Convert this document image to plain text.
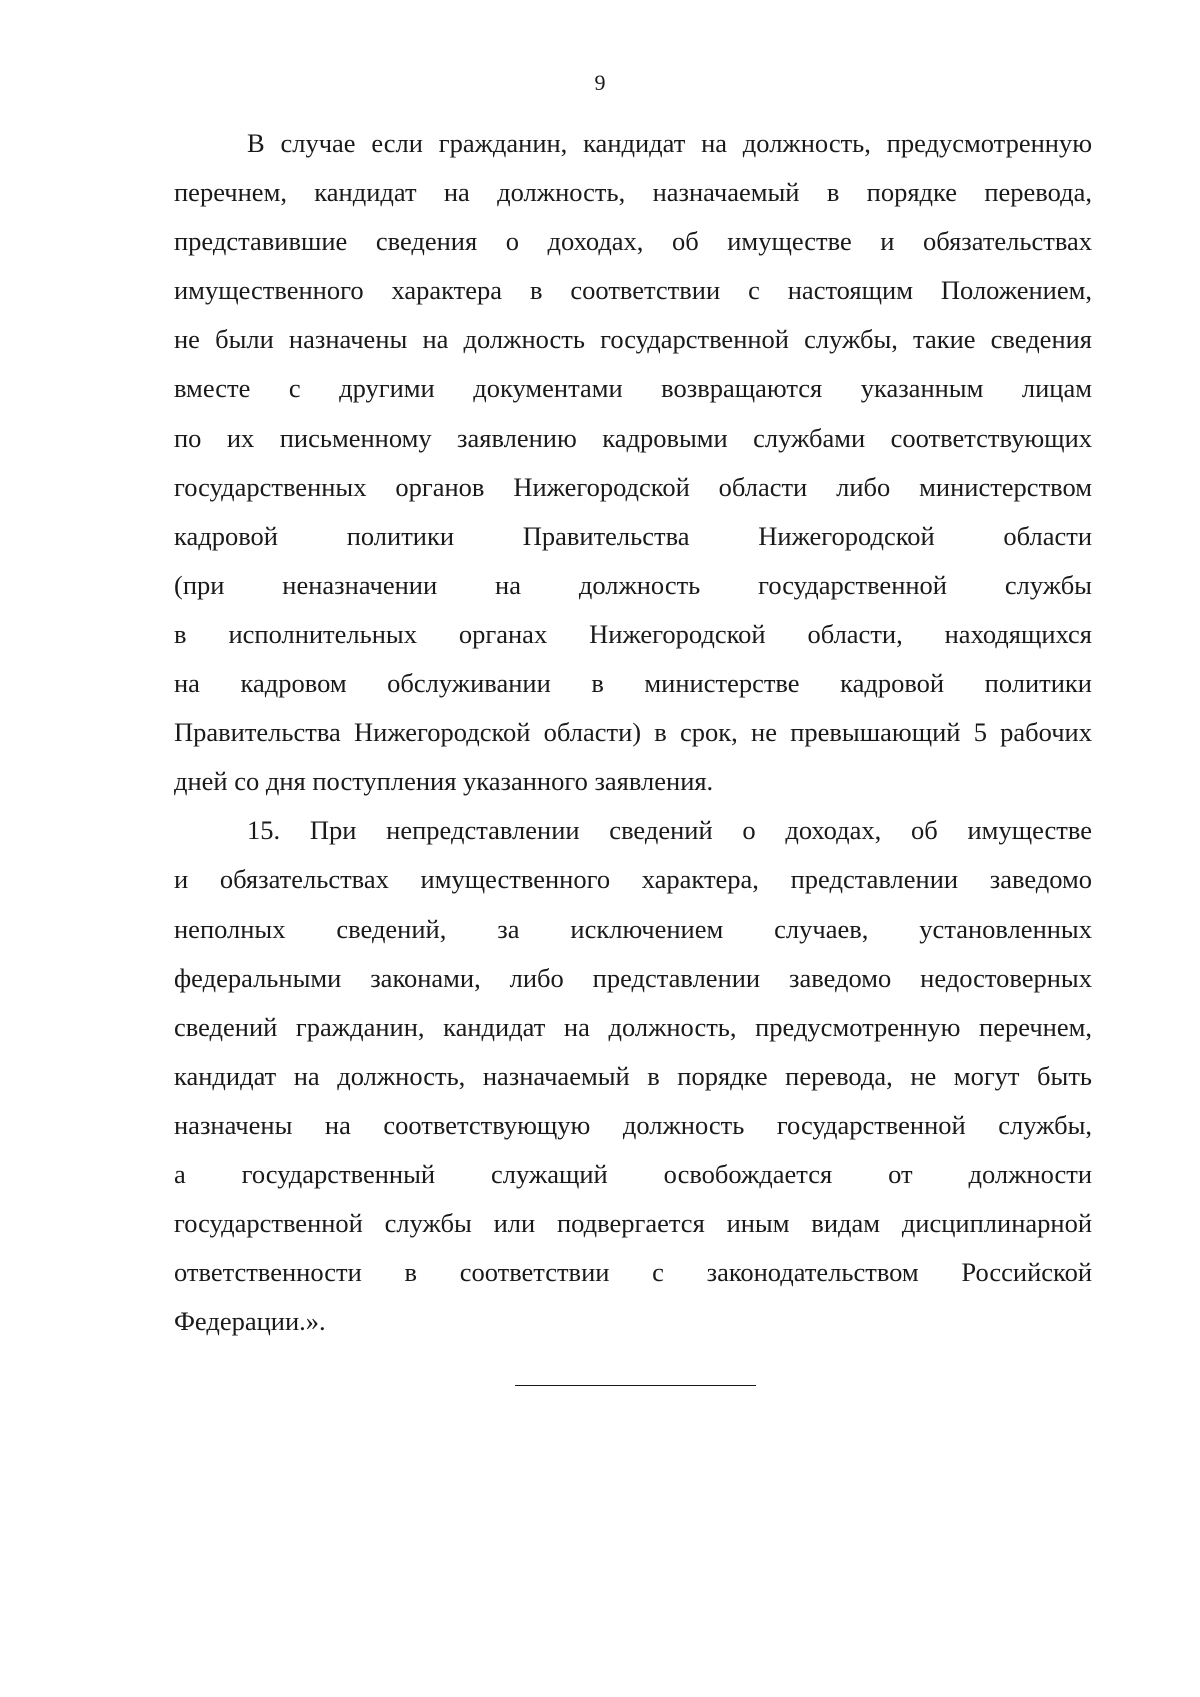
9
В случае если гражданин, кандидат на должность, предусмотренную
перечнем, кандидат на должность, назначаемый в порядке перевода,
представившие сведения о доходах, об имуществе и обязательствах
имущественного характера в соответствии с настоящим Положением,
не были назначены на должность государственной службы, такие сведения
вместе с другими документами возвращаются указанным лицам
по их письменному заявлению кадровыми службами соответствующих
государственных органов Нижегородской области либо министерством
кадровой политики Правительства Нижегородской области
(при неназначении на должность государственной службы
в исполнительных органах Нижегородской области, находящихся
на кадровом обслуживании в министерстве кадровой политики
Правительства Нижегородской области) в срок, не превышающий 5 рабочих
дней со дня поступления указанного заявления.
15. При непредставлении сведений о доходах, об имуществе
и обязательствах имущественного характера, представлении заведомо
неполных сведений, за исключением случаев, установленных
федеральными законами, либо представлении заведомо недостоверных
сведений гражданин, кандидат на должность, предусмотренную перечнем,
кандидат на должность, назначаемый в порядке перевода, не могут быть
назначены на соответствующую должность государственной службы,
а государственный служащий освобождается от должности
государственной службы или подвергается иным видам дисциплинарной
ответственности в соответствии с законодательством Российской
Федерации.».
